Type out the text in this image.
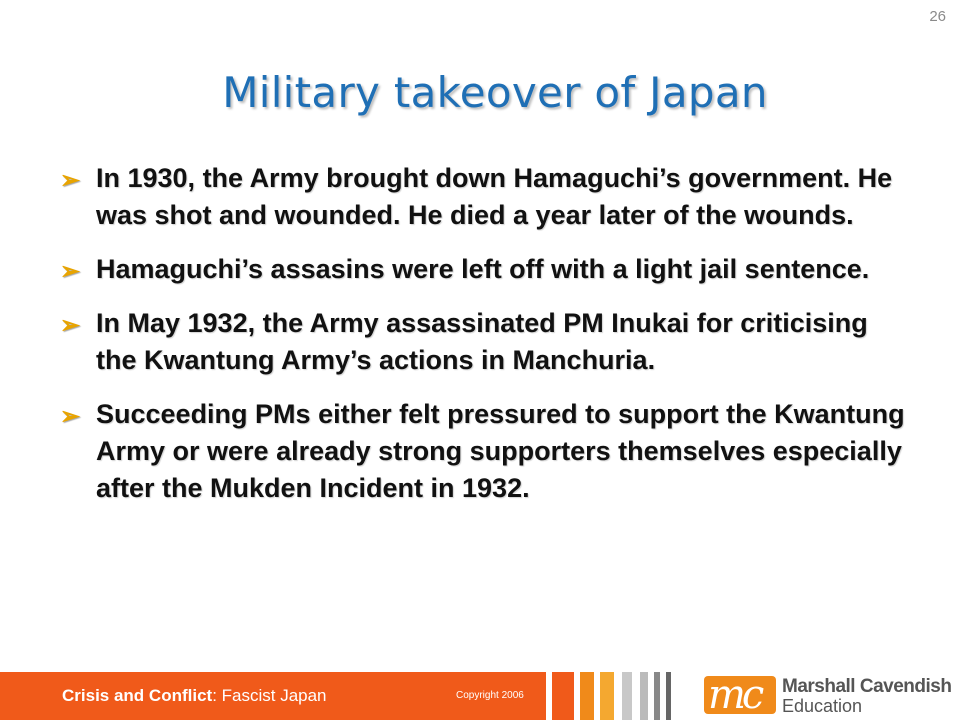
26
Military takeover of Japan
➢ In 1930, the Army brought down Hamaguchi’s government. He was shot and wounded. He died a year later of the wounds.
➢ Hamaguchi’s assasins were left off with a light jail sentence.
➢ In May 1932, the Army assassinated PM Inukai for criticising the Kwantung Army’s actions in Manchuria.
➢ Succeeding PMs either felt pressured to support the Kwantung Army or were already strong supporters themselves especially after the Mukden Incident in 1932.
Crisis and Conflict: Fascist Japan	Copyright 2006	mc Marshall Cavendish
Education
